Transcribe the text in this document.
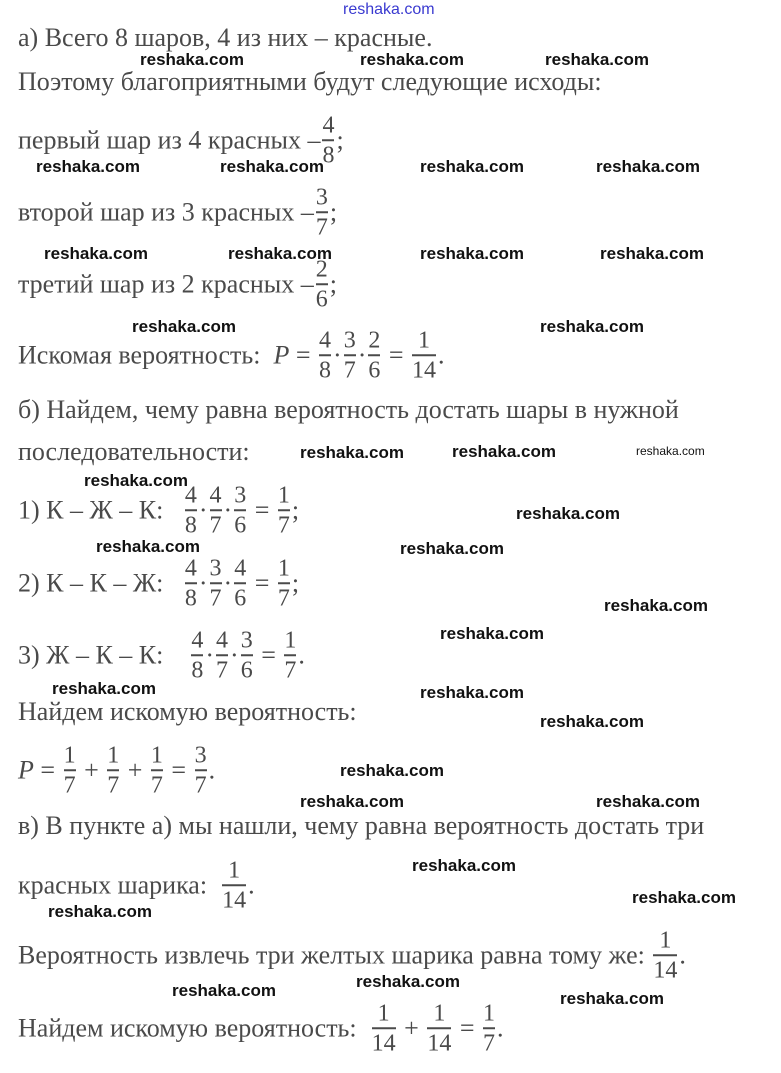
reshaka.com
а) Всего 8 шаров, 4 из них – красные.
Поэтому благоприятными будут следующие исходы:
первый шар из 4 красных – $\frac{4}{8}$ ;
второй шар из 3 красных – $\frac{3}{7}$ ;
третий шар из 2 красных – $\frac{2}{6}$ ;
Искомая вероятность: $P = \frac{4}{8} \cdot \frac{3}{7} \cdot \frac{2}{6} = \frac{1}{14}$ .
б) Найдем, чему равна вероятность достать шары в нужной
последовательности:
1) К – Ж – К: $\frac{4}{8} \cdot \frac{4}{7} \cdot \frac{3}{6} = \frac{1}{7}$ ;
2) К – К – Ж: $\frac{4}{8} \cdot \frac{3}{7} \cdot \frac{4}{6} = \frac{1}{7}$ ;
3) Ж – К – К: $\frac{4}{8} \cdot \frac{4}{7} \cdot \frac{3}{6} = \frac{1}{7}$ .
Найдем искомую вероятность:
$P = \frac{1}{7} + \frac{1}{7} + \frac{1}{7} = \frac{3}{7}$ .
в) В пункте а) мы нашли, чему равна вероятность достать три
красных шарика: $\frac{1}{14}$ .
Вероятность извлечь три желтых шарика равна тому же: $\frac{1}{14}$ .
Найдем искомую вероятность: $\frac{1}{14} + \frac{1}{14} = \frac{1}{7}$ .
reshaka.com	reshaka.com	reshaka.com
reshaka.com	reshaka.com	reshaka.com	reshaka.com
reshaka.com	reshaka.com	reshaka.com	reshaka.com
reshaka.com	reshaka.com
reshaka.com
reshaka.com	reshaka.com
reshaka.com
reshaka.com
reshaka.com	reshaka.com
reshaka.com
reshaka.com
reshaka.com	reshaka.com
reshaka.com
reshaka.com
reshaka.com	reshaka.com
reshaka.com
reshaka.com
reshaka.com
reshaka.com
reshaka.com	reshaka.com
